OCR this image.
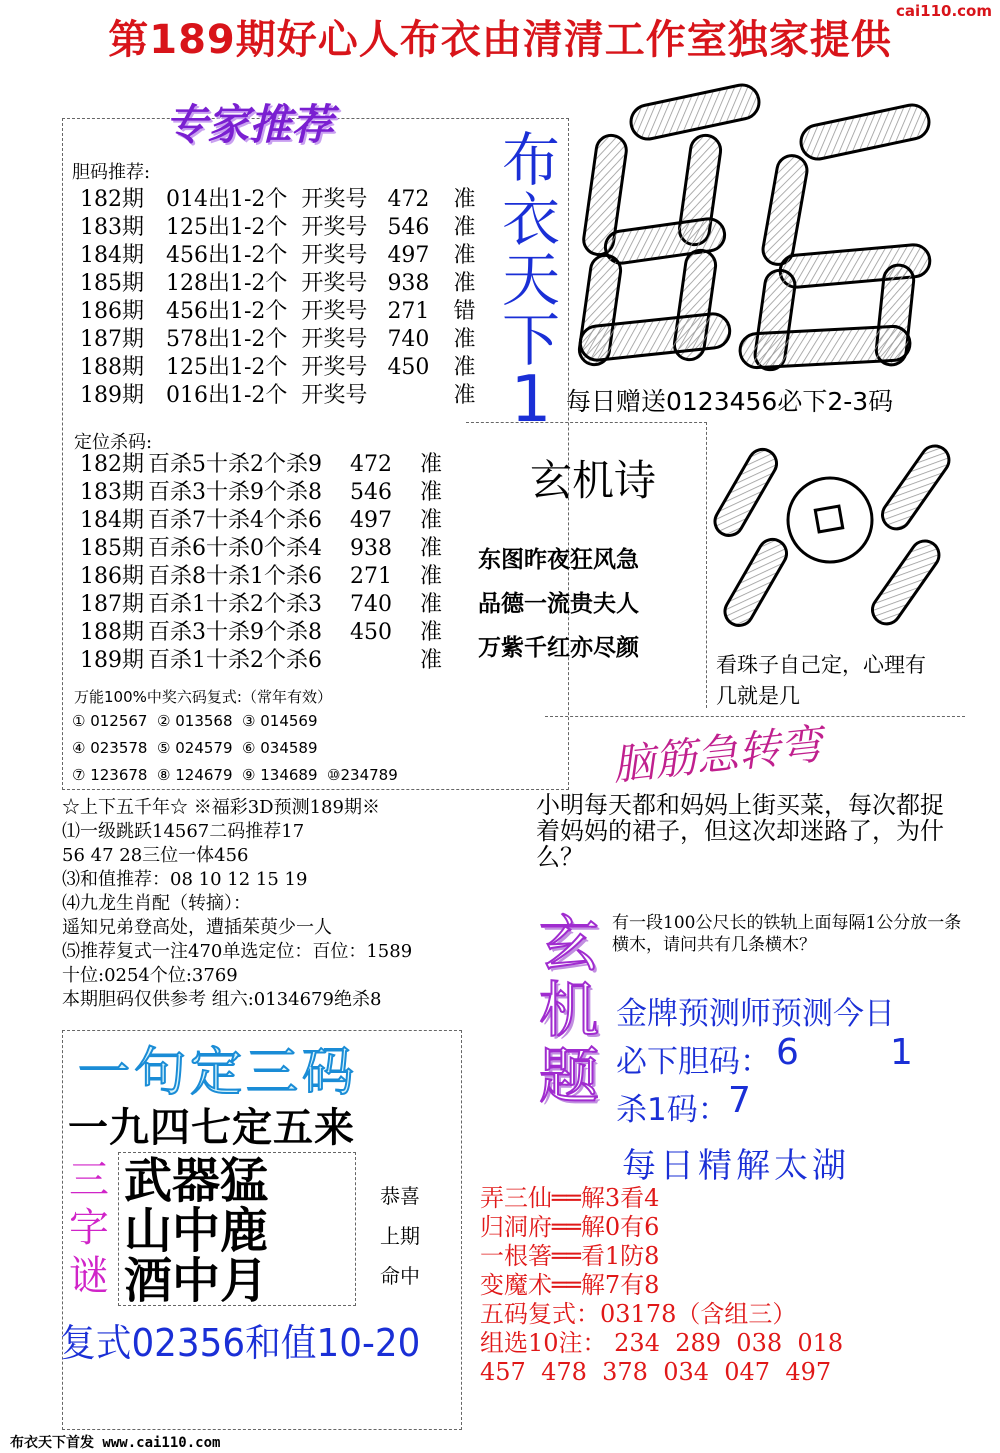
第189期好心人布衣由清清工作室独家提供
cai110.com
专家推荐
胆码推荐:
182期	014出1-2个	开奖号	472	准
183期	125出1-2个	开奖号	546	准
184期	456出1-2个	开奖号	497	准
185期	128出1-2个	开奖号	938	准
186期	456出1-2个	开奖号	271	错
187期	578出1-2个	开奖号	740	准
188期	125出1-2个	开奖号	450	准
189期	016出1-2个	开奖号		准
定位杀码:
182期	百杀5十杀2个杀9	472	准
183期	百杀3十杀9个杀8	546	准
184期	百杀7十杀4个杀6	497	准
185期	百杀6十杀0个杀4	938	准
186期	百杀8十杀1个杀6	271	准
187期	百杀1十杀2个杀3	740	准
188期	百杀3十杀9个杀8	450	准
189期	百杀1十杀2个杀6		准
万能100%中奖六码复式:（常年有效）
① 012567  ② 013568  ③ 014569
④ 023578  ⑤ 024579  ⑥ 034589
⑦ 123678  ⑧ 124679  ⑨ 134689  ⑩234789
布
衣
天
下
1 每日赠送0123456必下2-3码
玄机诗
东图昨夜狂风急
品德一流贵夫人
万紫千红亦尽颜
看珠子自己定，心理有几就是几
☆上下五千年☆ ※福彩3D预测189期※
⑴一级跳跃14567二码推荐17
56 47 28三位一体456
⑶和值推荐：08 10 12 15 19
⑷九龙生肖配（转摘）：
遥知兄弟登高处，遭插茱萸少一人
⑸推荐复式一注470单选定位：百位：1589
十位:0254个位:3769
本期胆码仅供参考 组六:0134679绝杀8
脑筋急转弯
小明每天都和妈妈上街买菜，每次都捉着妈妈的裙子，但这次却迷路了，为什么？
玄
机
题
有一段100公尺长的铁轨上面每隔1公分放一条横木，请问共有几条横木？
金牌预测师预测今日
必下胆码： 6	1
杀1码： 7
一句定三码
一九四七定五来
三
字
谜
武器猛
山中鹿
酒中月
恭喜
上期
命中
复式02356和值10-20
每日精解太湖
弄三仙══解3看4
归洞府══解0有6
一根箸══看1防8
变魔术══解7有8
五码复式：03178（含组三）
组选10注： 234  289  038  018
457  478  378  034  047  497
布衣天下首发 www.cai110.com
